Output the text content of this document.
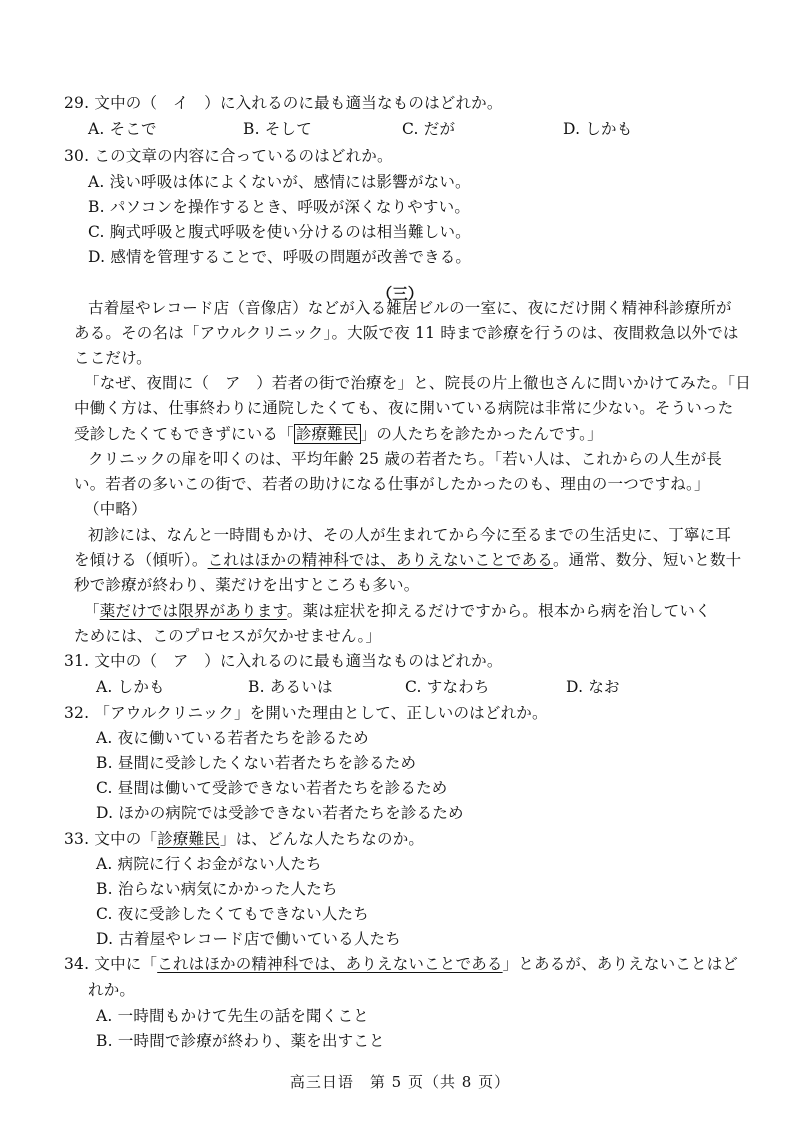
29. 文中の（　イ　）に入れるのに最も適当なものはどれか。
A. そこで	B. そして	C. だが	D. しかも
30. この文章の内容に合っているのはどれか。
A. 浅い呼吸は体によくないが、感情には影響がない。
B. パソコンを操作するとき、呼吸が深くなりやすい。
C. 胸式呼吸と腹式呼吸を使い分けるのは相当難しい。
D. 感情を管理することで、呼吸の問題が改善できる。
（三）
古着屋やレコード店（音像店）などが入る雑居ビルの一室に、夜にだけ開く精神科診療所が
ある。その名は「アウルクリニック」。大阪で夜 11 時まで診療を行うのは、夜間救急以外では
ここだけ。
「なぜ、夜間に（　ア　）若者の街で治療を」と、院長の片上徹也さんに問いかけてみた。「日
中働く方は、仕事終わりに通院したくても、夜に開いている病院は非常に少ない。そういった
受診したくてもできずにいる「 診療難民 」の人たちを診たかったんです。」
クリニックの扉を叩くのは、平均年齢 25 歳の若者たち。「若い人は、これからの人生が長
い。若者の多いこの街で、若者の助けになる仕事がしたかったのも、理由の一つですね。」
（中略）
初診には、なんと一時間もかけ、その人が生まれてから今に至るまでの生活史に、丁寧に耳
を傾ける（傾听）。これはほかの精神科では、ありえないことである。通常、数分、短いと数十
秒で診療が終わり、薬だけを出すところも多い。
「薬だけでは限界があります。薬は症状を抑えるだけですから。根本から病を治していく
ためには、このプロセスが欠かせません。」
31. 文中の（　ア　）に入れるのに最も適当なものはどれか。
A. しかも	B. あるいは	C. すなわち	D. なお
32. 「アウルクリニック」を開いた理由として、正しいのはどれか。
A. 夜に働いている若者たちを診るため
B. 昼間に受診したくない若者たちを診るため
C. 昼間は働いて受診できない若者たちを診るため
D. ほかの病院では受診できない若者たちを診るため
33. 文中の「診療難民」は、どんな人たちなのか。
A. 病院に行くお金がない人たち
B. 治らない病気にかかった人たち
C. 夜に受診したくてもできない人たち
D. 古着屋やレコード店で働いている人たち
34. 文中に「これはほかの精神科では、ありえないことである」とあるが、ありえないことはど
れか。
A. 一時間もかけて先生の話を聞くこと
B. 一時間で診療が終わり、薬を出すこと
高三日语　第 5 页（共 8 页）
